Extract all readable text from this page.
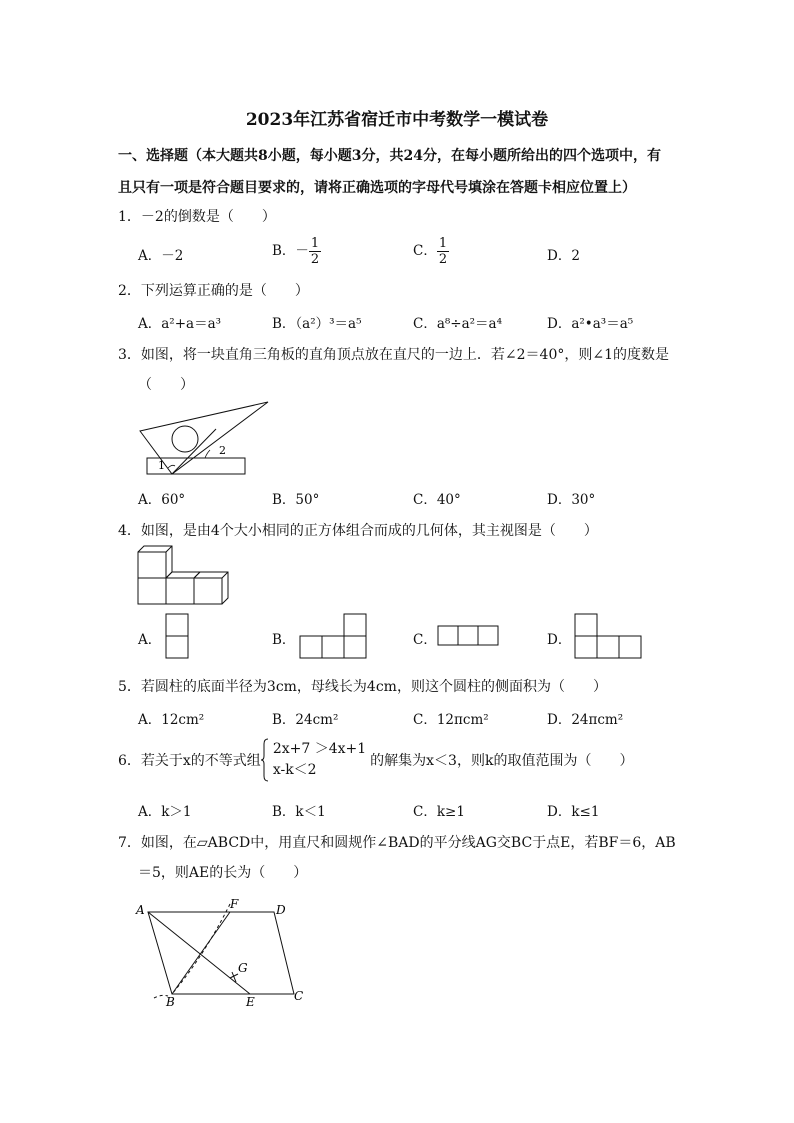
2023年江苏省宿迁市中考数学一模试卷
一、选择题（本大题共8小题，每小题3分，共24分，在每小题所给出的四个选项中，有
且只有一项是符合题目要求的，请将正确选项的字母代号填涂在答题卡相应位置上）
1．－2的倒数是（　　）
A．－2	B．－ $\frac{1}{2}$	C． $\frac{1}{2}$	D．2
2．下列运算正确的是（　　）
A．a²+a＝a³	B．（a²）³＝a⁵	C．a⁸÷a²＝a⁴	D．a²•a³＝a⁵
3．如图，将一块直角三角板的直角顶点放在直尺的一边上．若∠2＝40°，则∠1的度数是
（　　）
1
2
A．60°	B．50°	C．40°	D．30°
4．如图，是由4个大小相同的正方体组合而成的几何体，其主视图是（　　）
A．	B．	C．	D．
5．若圆柱的底面半径为3cm，母线长为4cm，则这个圆柱的侧面积为（　　）
A．12cm²	B．24cm²	C．12πcm²	D．24πcm²
6．若关于x的不等式组
2x+7 ＞4x+1
x-k＜2
的解集为x＜3，则k的取值范围为（　　）
A．k＞1	B．k＜1	C．k≥1	D．k≤1
7．如图，在▱ABCD中，用直尺和圆规作∠BAD的平分线AG交BC于点E，若BF＝6，AB
＝5，则AE的长为（　　）
A	F	D
G
B	E	C
